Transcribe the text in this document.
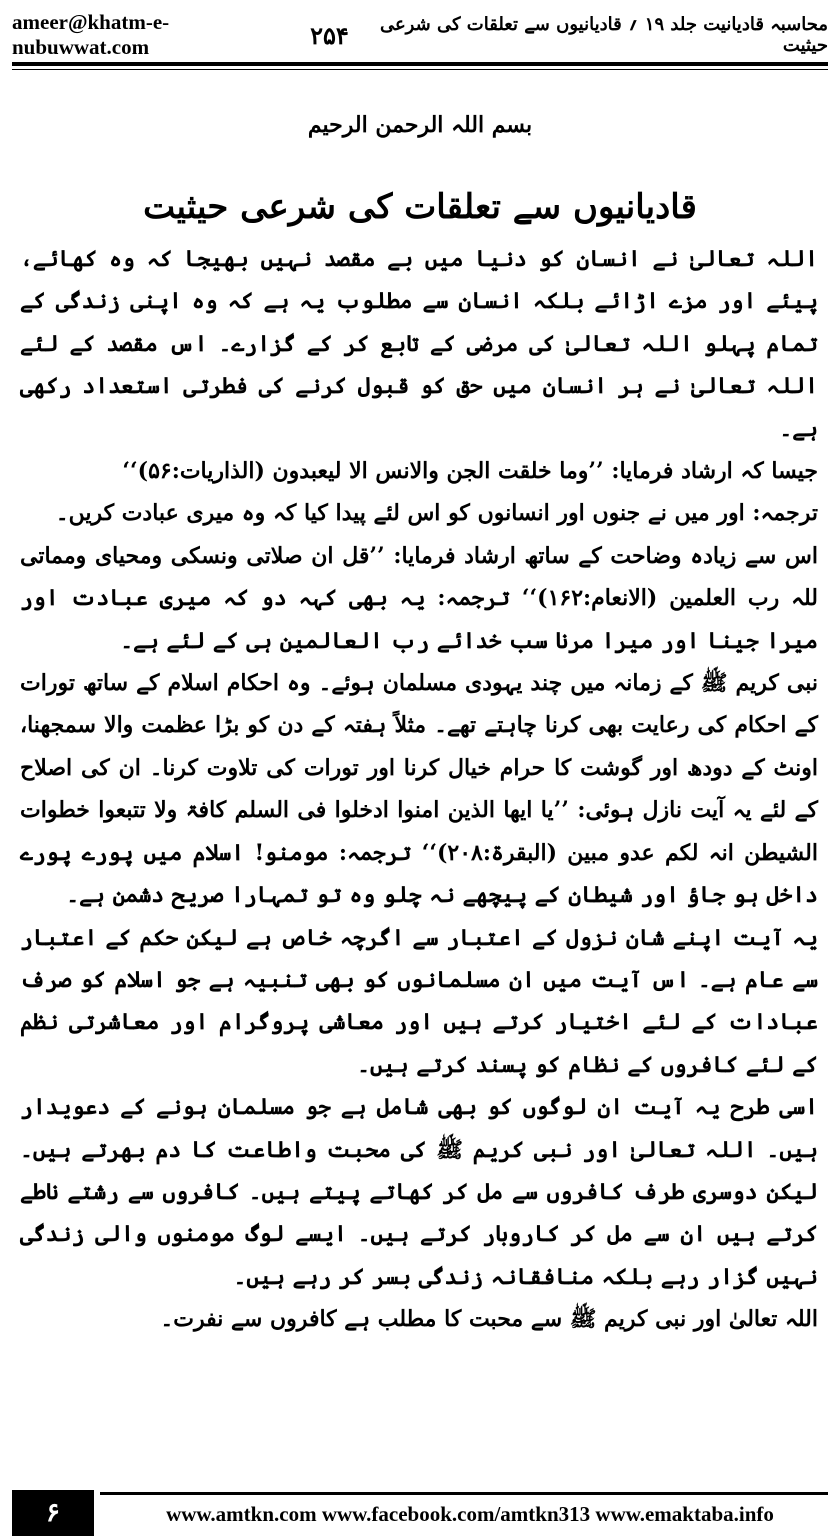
ameer@khatm-e-nubuwwat.com	۲۵۴	محاسبہ قادیانیت جلد ۱۹ ؍ قادیانیوں سے تعلقات کی شرعی حیثیت
بسم اللہ الرحمن الرحیم
قادیانیوں سے تعلقات کی شرعی حیثیت

اللہ تعالیٰ نے انسان کو دنیا میں بے مقصد نہیں بھیجا کہ وہ کھائے، پیئے اور مزے اڑائے بلکہ انسان سے مطلوب یہ ہے کہ وہ اپنی زندگی کے تمام پہلو اللہ تعالیٰ کی مرضی کے تابع کر کے گزارے۔ اس مقصد کے لئے اللہ تعالیٰ نے ہر انسان میں حق کو قبول کرنے کی فطرتی استعداد رکھی ہے۔

جیسا کہ ارشاد فرمایا: ’’وما خلقت الجن والانس الا لیعبدون (الذاریات:۵۶)‘‘

ترجمہ: اور میں نے جنوں اور انسانوں کو اس لئے پیدا کیا کہ وہ میری عبادت کریں۔

اس سے زیادہ وضاحت کے ساتھ ارشاد فرمایا: ’’قل ان صلاتی ونسکی ومحیای ومماتی للہ رب العلمین (الانعام:۱۶۲)‘‘ ترجمہ: یہ بھی کہہ دو کہ میری عبادت اور میرا جینا اور میرا مرنا سب خدائے رب العالمین ہی کے لئے ہے۔

نبی کریم ﷺ کے زمانہ میں چند یہودی مسلمان ہوئے۔ وہ احکام اسلام کے ساتھ تورات کے احکام کی رعایت بھی کرنا چاہتے تھے۔ مثلاً ہفتہ کے دن کو بڑا عظمت والا سمجھنا، اونٹ کے دودھ اور گوشت کا حرام خیال کرنا اور تورات کی تلاوت کرنا۔ ان کی اصلاح کے لئے یہ آیت نازل ہوئی: ’’یا ایھا الذین امنوا ادخلوا فی السلم کافۃ ولا تتبعوا خطوات الشیطن انہ لکم عدو مبین (البقرۃ:۲۰۸)‘‘ ترجمہ: مومنو! اسلام میں پورے پورے داخل ہو جاؤ اور شیطان کے پیچھے نہ چلو وہ تو تمہارا صریح دشمن ہے۔

یہ آیت اپنے شان نزول کے اعتبار سے اگرچہ خاص ہے لیکن حکم کے اعتبار سے عام ہے۔ اس آیت میں ان مسلمانوں کو بھی تنبیہ ہے جو اسلام کو صرف عبادات کے لئے اختیار کرتے ہیں اور معاشی پروگرام اور معاشرتی نظم کے لئے کافروں کے نظام کو پسند کرتے ہیں۔

اسی طرح یہ آیت ان لوگوں کو بھی شامل ہے جو مسلمان ہونے کے دعویدار ہیں۔ اللہ تعالیٰ اور نبی کریم ﷺ کی محبت واطاعت کا دم بھرتے ہیں۔ لیکن دوسری طرف کافروں سے مل کر کھاتے پیتے ہیں۔ کافروں سے رشتے ناطے کرتے ہیں ان سے مل کر کاروبار کرتے ہیں۔ ایسے لوگ مومنوں والی زندگی نہیں گزار رہے بلکہ منافقانہ زندگی بسر کر رہے ہیں۔

اللہ تعالیٰ اور نبی کریم ﷺ سے محبت کا مطلب ہے کافروں سے نفرت۔

۶	www.amtkn.com www.facebook.com/amtkn313 www.emaktaba.info
